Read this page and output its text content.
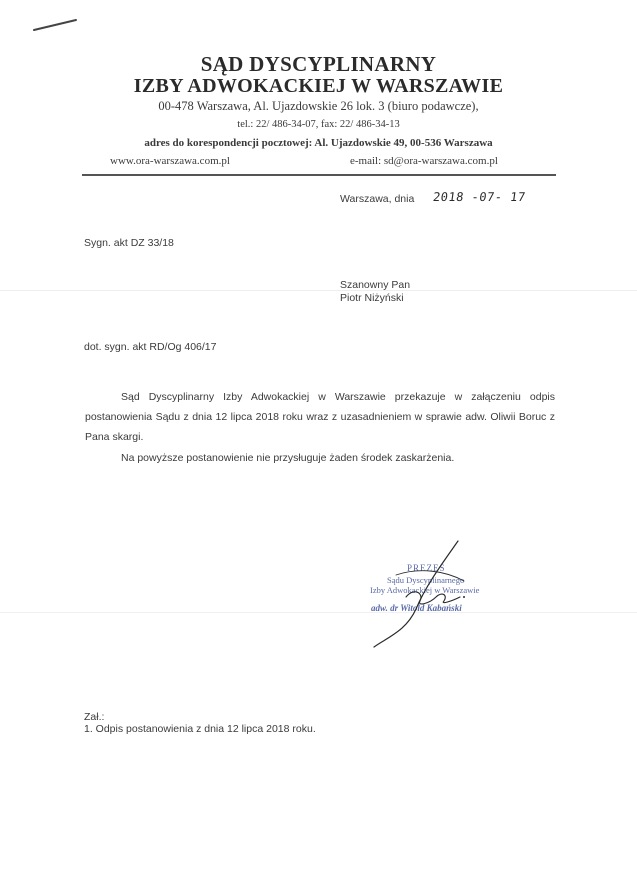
SĄD DYSCYPLINARNY
IZBY ADWOKACKIEJ W WARSZAWIE
00-478 Warszawa, Al. Ujazdowskie 26 lok. 3 (biuro podawcze),
tel.: 22/ 486-34-07, fax: 22/ 486-34-13
adres do korespondencji pocztowej: Al. Ujazdowskie 49, 00-536 Warszawa
www.ora-warszawa.com.pl	e-mail: sd@ora-warszawa.com.pl
Warszawa, dnia 2018 -07- 17
Sygn. akt DZ 33/18
Szanowny Pan
Piotr Niżyński
dot. sygn. akt RD/Og 406/17
Sąd Dyscyplinarny Izby Adwokackiej w Warszawie przekazuje w załączeniu odpis postanowienia Sądu z dnia 12 lipca 2018 roku wraz z uzasadnieniem w sprawie adw. Oliwii Boruc z Pana skargi.
Na powyższe postanowienie nie przysługuje żaden środek zaskarżenia.
PREZES
Sądu Dyscyplinarnego
Izby Adwokackiej w Warszawie
adw. dr Witold Kabański
Zał.:
1. Odpis postanowienia z dnia 12 lipca 2018 roku.
